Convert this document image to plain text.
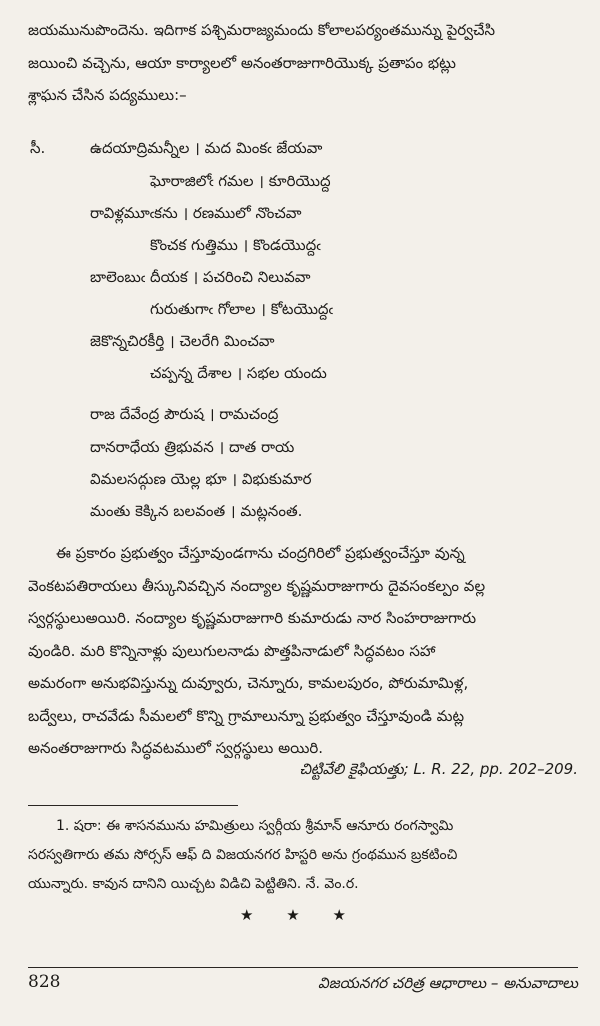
జయమునుపొందెను. ఇదిగాక పశ్చిమరాజ్యమందు కోలాలపర్యంతమున్ను పైర్వచేసి
జయించి వచ్చెను, ఆయా కార్యాలలో అనంతరాజుగారియొక్క ప్రతాపం భట్లు
శ్లాఘన చేసిన పద్యములు:–
సీ.	ఉదయాద్రిమన్నీల । మద మింకఁ జేయవా
ఘోరాజిలోఁ గమల । కూరియొద్ద
రావిళ్లమూఁకను । రణములో నొంచవా
కొంచక గుత్తిము । కొండయొద్దఁ
బాలెంబుఁ దీయక । పచరించి నిలువవా
గురుతుగాఁ గోలాల । కోటయొద్దఁ
జెకొన్నచిరకీర్తి । చెలరేగి మించవా
చప్పన్న దేశాల । సభల యందు
రాజ దేవేంద్ర పౌరుష । రామచంద్ర
దానరాధేయ త్రిభువన । దాత రాయ
విమలసద్గుణ యెల్ల భూ । విభుకుమార
మంతు కెక్కిన బలవంత । మట్లనంత.
ఈ ప్రకారం ప్రభుత్వం చేస్తూవుండగాను చంద్రగిరిలో ప్రభుత్వంచేస్తూ వున్న
వెంకటపతిరాయలు తీస్కునివచ్చిన నంద్యాల కృష్ణమరాజుగారు దైవసంకల్పం వల్ల
స్వర్గస్థులుఅయిరి. నంద్యాల కృష్ణమరాజుగారి కుమారుడు నార సింహరాజుగారు
వుండిరి. మరి కొన్నినాళ్లు పులుగులనాడు పొత్తపినాడులో సిద్ధవటం సహా
అమరంగా అనుభవిస్తున్ను దువ్వూరు, చెన్నూరు, కామలపురం, పోరుమామిళ్ల,
బద్వేలు, రాచవేడు సీమలలో కొన్ని గ్రామాలున్నూ ప్రభుత్వం చేస్తూవుండి మట్ల
అనంతరాజుగారు సిద్ధవటములో స్వర్గస్థులు అయిరి.
చిట్టివేలి కైఫియత్తు; L. R. 22, pp. 202–209.
1. షరా: ఈ శాసనమును హమిత్రులు స్వర్గీయ శ్రీమాన్ ఆనూరు రంగస్వామి
సరస్వతిగారు తమ సోర్సస్ ఆఫ్ ది విజయనగర హిస్టరి అను గ్రంథమున బ్రకటించి
యున్నారు. కావున దానిని యిచ్చట విడిచి పెట్టితిని. నే. వెం.ర.
★ ★ ★
828	విజయనగర చరిత్ర ఆధారాలు – అనువాదాలు
